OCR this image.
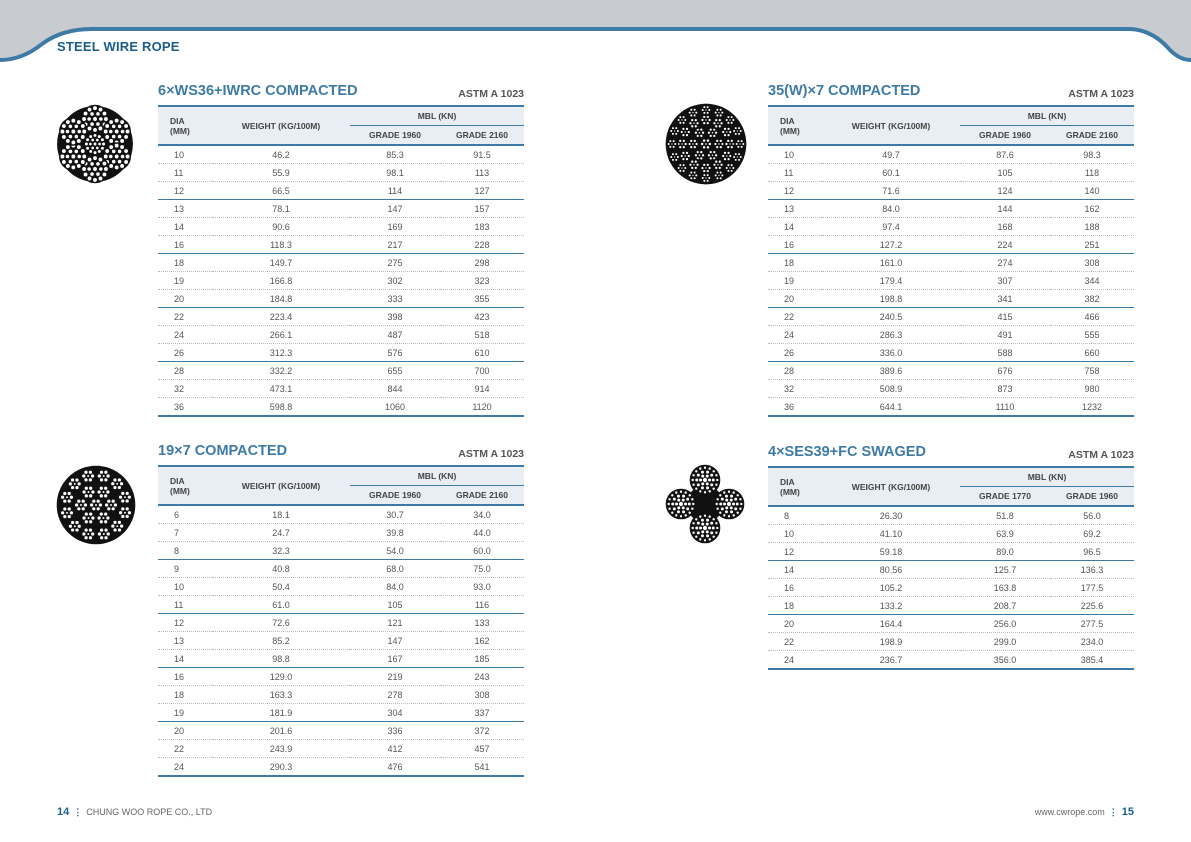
STEEL WIRE ROPE
6×WS36+IWRC COMPACTED	ASTM A 1023
DIA
(MM)	WEIGHT (KG/100M)	MBL (KN)	
		GRADE 1960	GRADE 2160
10	46.2	85.3	91.5
11	55.9	98.1	113
12	66.5	114	127
13	78.1	147	157
14	90.6	169	183
16	118.3	217	228
18	149.7	275	298
19	166.8	302	323
20	184.8	333	355
22	223.4	398	423
24	266.1	487	518
26	312.3	576	610
28	332.2	655	700
32	473.1	844	914
36	598.8	1060	1120
35(W)×7 COMPACTED	ASTM A 1023
DIA
(MM)	WEIGHT (KG/100M)	MBL (KN)	
		GRADE 1960	GRADE 2160
10	49.7	87.6	98.3
11	60.1	105	118
12	71.6	124	140
13	84.0	144	162
14	97.4	168	188
16	127.2	224	251
18	161.0	274	308
19	179.4	307	344
20	198.8	341	382
22	240.5	415	466
24	286.3	491	555
26	336.0	588	660
28	389.6	676	758
32	508.9	873	980
36	644.1	1110	1232
19×7 COMPACTED	ASTM A 1023
DIA
(MM)	WEIGHT (KG/100M)	MBL (KN)	
		GRADE 1960	GRADE 2160
6	18.1	30.7	34.0
7	24.7	39.8	44.0
8	32.3	54.0	60.0
9	40.8	68.0	75.0
10	50.4	84.0	93.0
11	61.0	105	116
12	72.6	121	133
13	85.2	147	162
14	98.8	167	185
16	129.0	219	243
18	163.3	278	308
19	181.9	304	337
20	201.6	336	372
22	243.9	412	457
24	290.3	476	541
4×SES39+FC SWAGED	ASTM A 1023
DIA
(MM)	WEIGHT (KG/100M)	MBL (KN)	
		GRADE 1770	GRADE 1960
8	26.30	51.8	56.0
10	41.10	63.9	69.2
12	59.18	89.0	96.5
14	80.56	125.7	136.3
16	105.2	163.8	177.5
18	133.2	208.7	225.6
20	164.4	256.0	277.5
22	198.9	299.0	234.0
24	236.7	356.0	385.4
14 ⋮ CHUNG WOO ROPE CO., LTD	www.cwrope.com ⋮ 15
